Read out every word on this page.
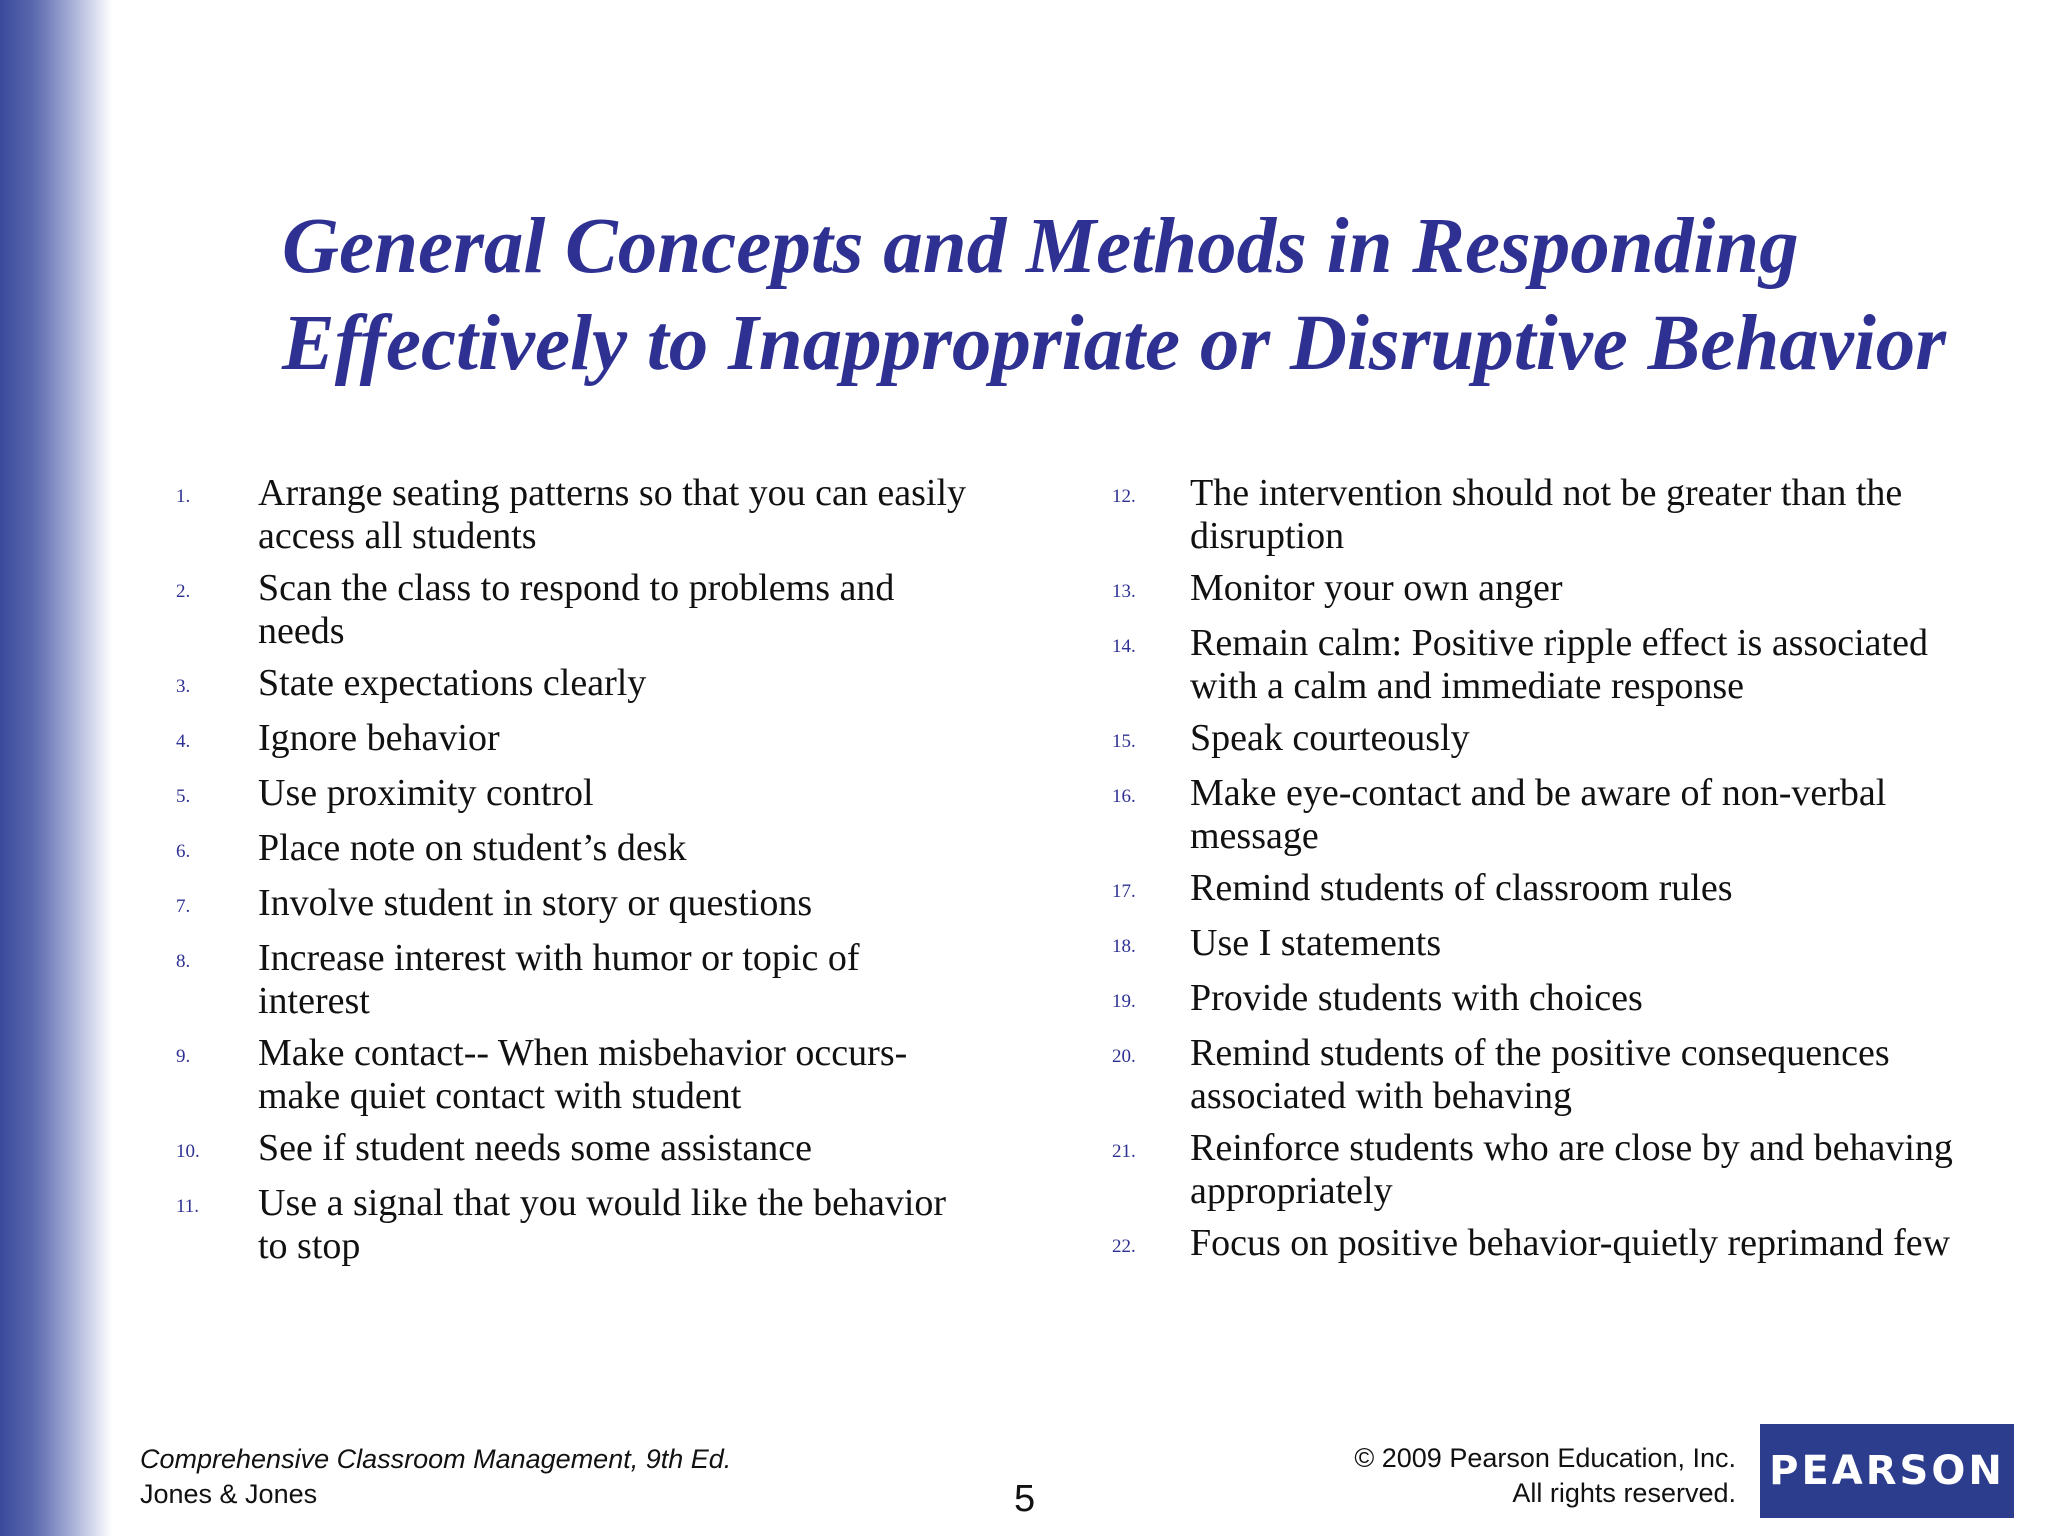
General Concepts and Methods in Responding
Effectively to Inappropriate or Disruptive Behavior
1.	Arrange seating patterns so that you can easily access all students
2.	Scan the class to respond to problems and needs
3.	State expectations clearly
4.	Ignore behavior
5.	Use proximity control
6.	Place note on student’s desk
7.	Involve student in story or questions
8.	Increase interest with humor or topic of interest
9.	Make contact-- When misbehavior occurs-make quiet contact with student
10.	See if student needs some assistance
11.	Use a signal that you would like the behavior to stop
12.	The intervention should not be greater than the disruption
13.	Monitor your own anger
14.	Remain calm: Positive ripple effect is associated with a calm and immediate response
15.	Speak courteously
16.	Make eye-contact and be aware of non-verbal message
17.	Remind students of classroom rules
18.	Use I statements
19.	Provide students with choices
20.	Remind students of the positive consequences associated with behaving
21.	Reinforce students who are close by and behaving appropriately
22.	Focus on positive behavior-quietly reprimand few
Comprehensive Classroom Management, 9th Ed.
Jones & Jones	5
© 2009 Pearson Education, Inc.
All rights reserved. PEARSON
